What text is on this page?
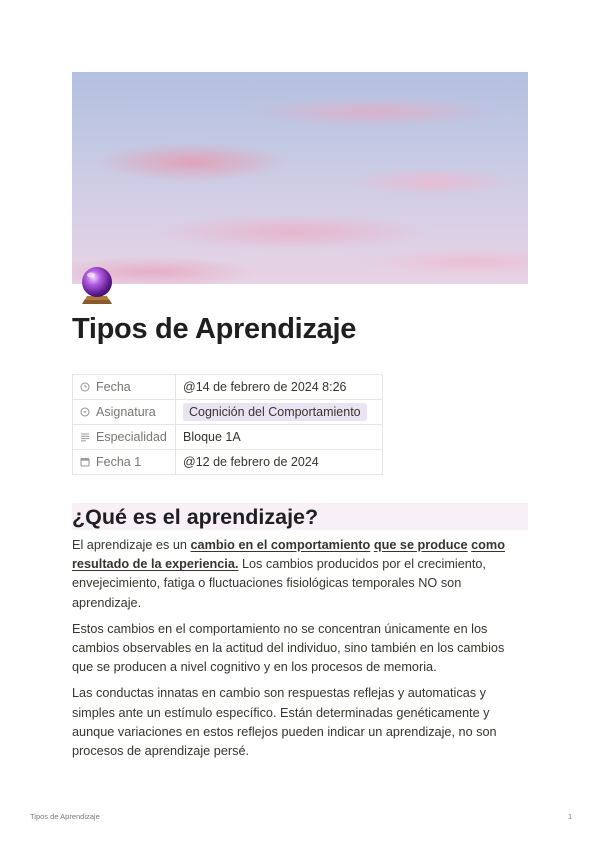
Tipos de Aprendizaje
Fecha	@14 de febrero de 2024 8:26
Asignatura	Cognición del Comportamiento
Especialidad	Bloque 1A
Fecha 1	@12 de febrero de 2024
¿Qué es el aprendizaje?

El aprendizaje es un cambio en el comportamiento que se produce como resultado de la experiencia. Los cambios producidos por el crecimiento, envejecimiento, fatiga o fluctuaciones fisiológicas temporales NO son aprendizaje.

Estos cambios en el comportamiento no se concentran únicamente en los cambios observables en la actitud del individuo, sino también en los cambios que se producen a nivel cognitivo y en los procesos de memoria.

Las conductas innatas en cambio son respuestas reflejas y automaticas y simples ante un estímulo específico. Están determinadas genéticamente y aunque variaciones en estos reflejos pueden indicar un aprendizaje, no son procesos de aprendizaje persé.

Tipos de Aprendizaje	1
